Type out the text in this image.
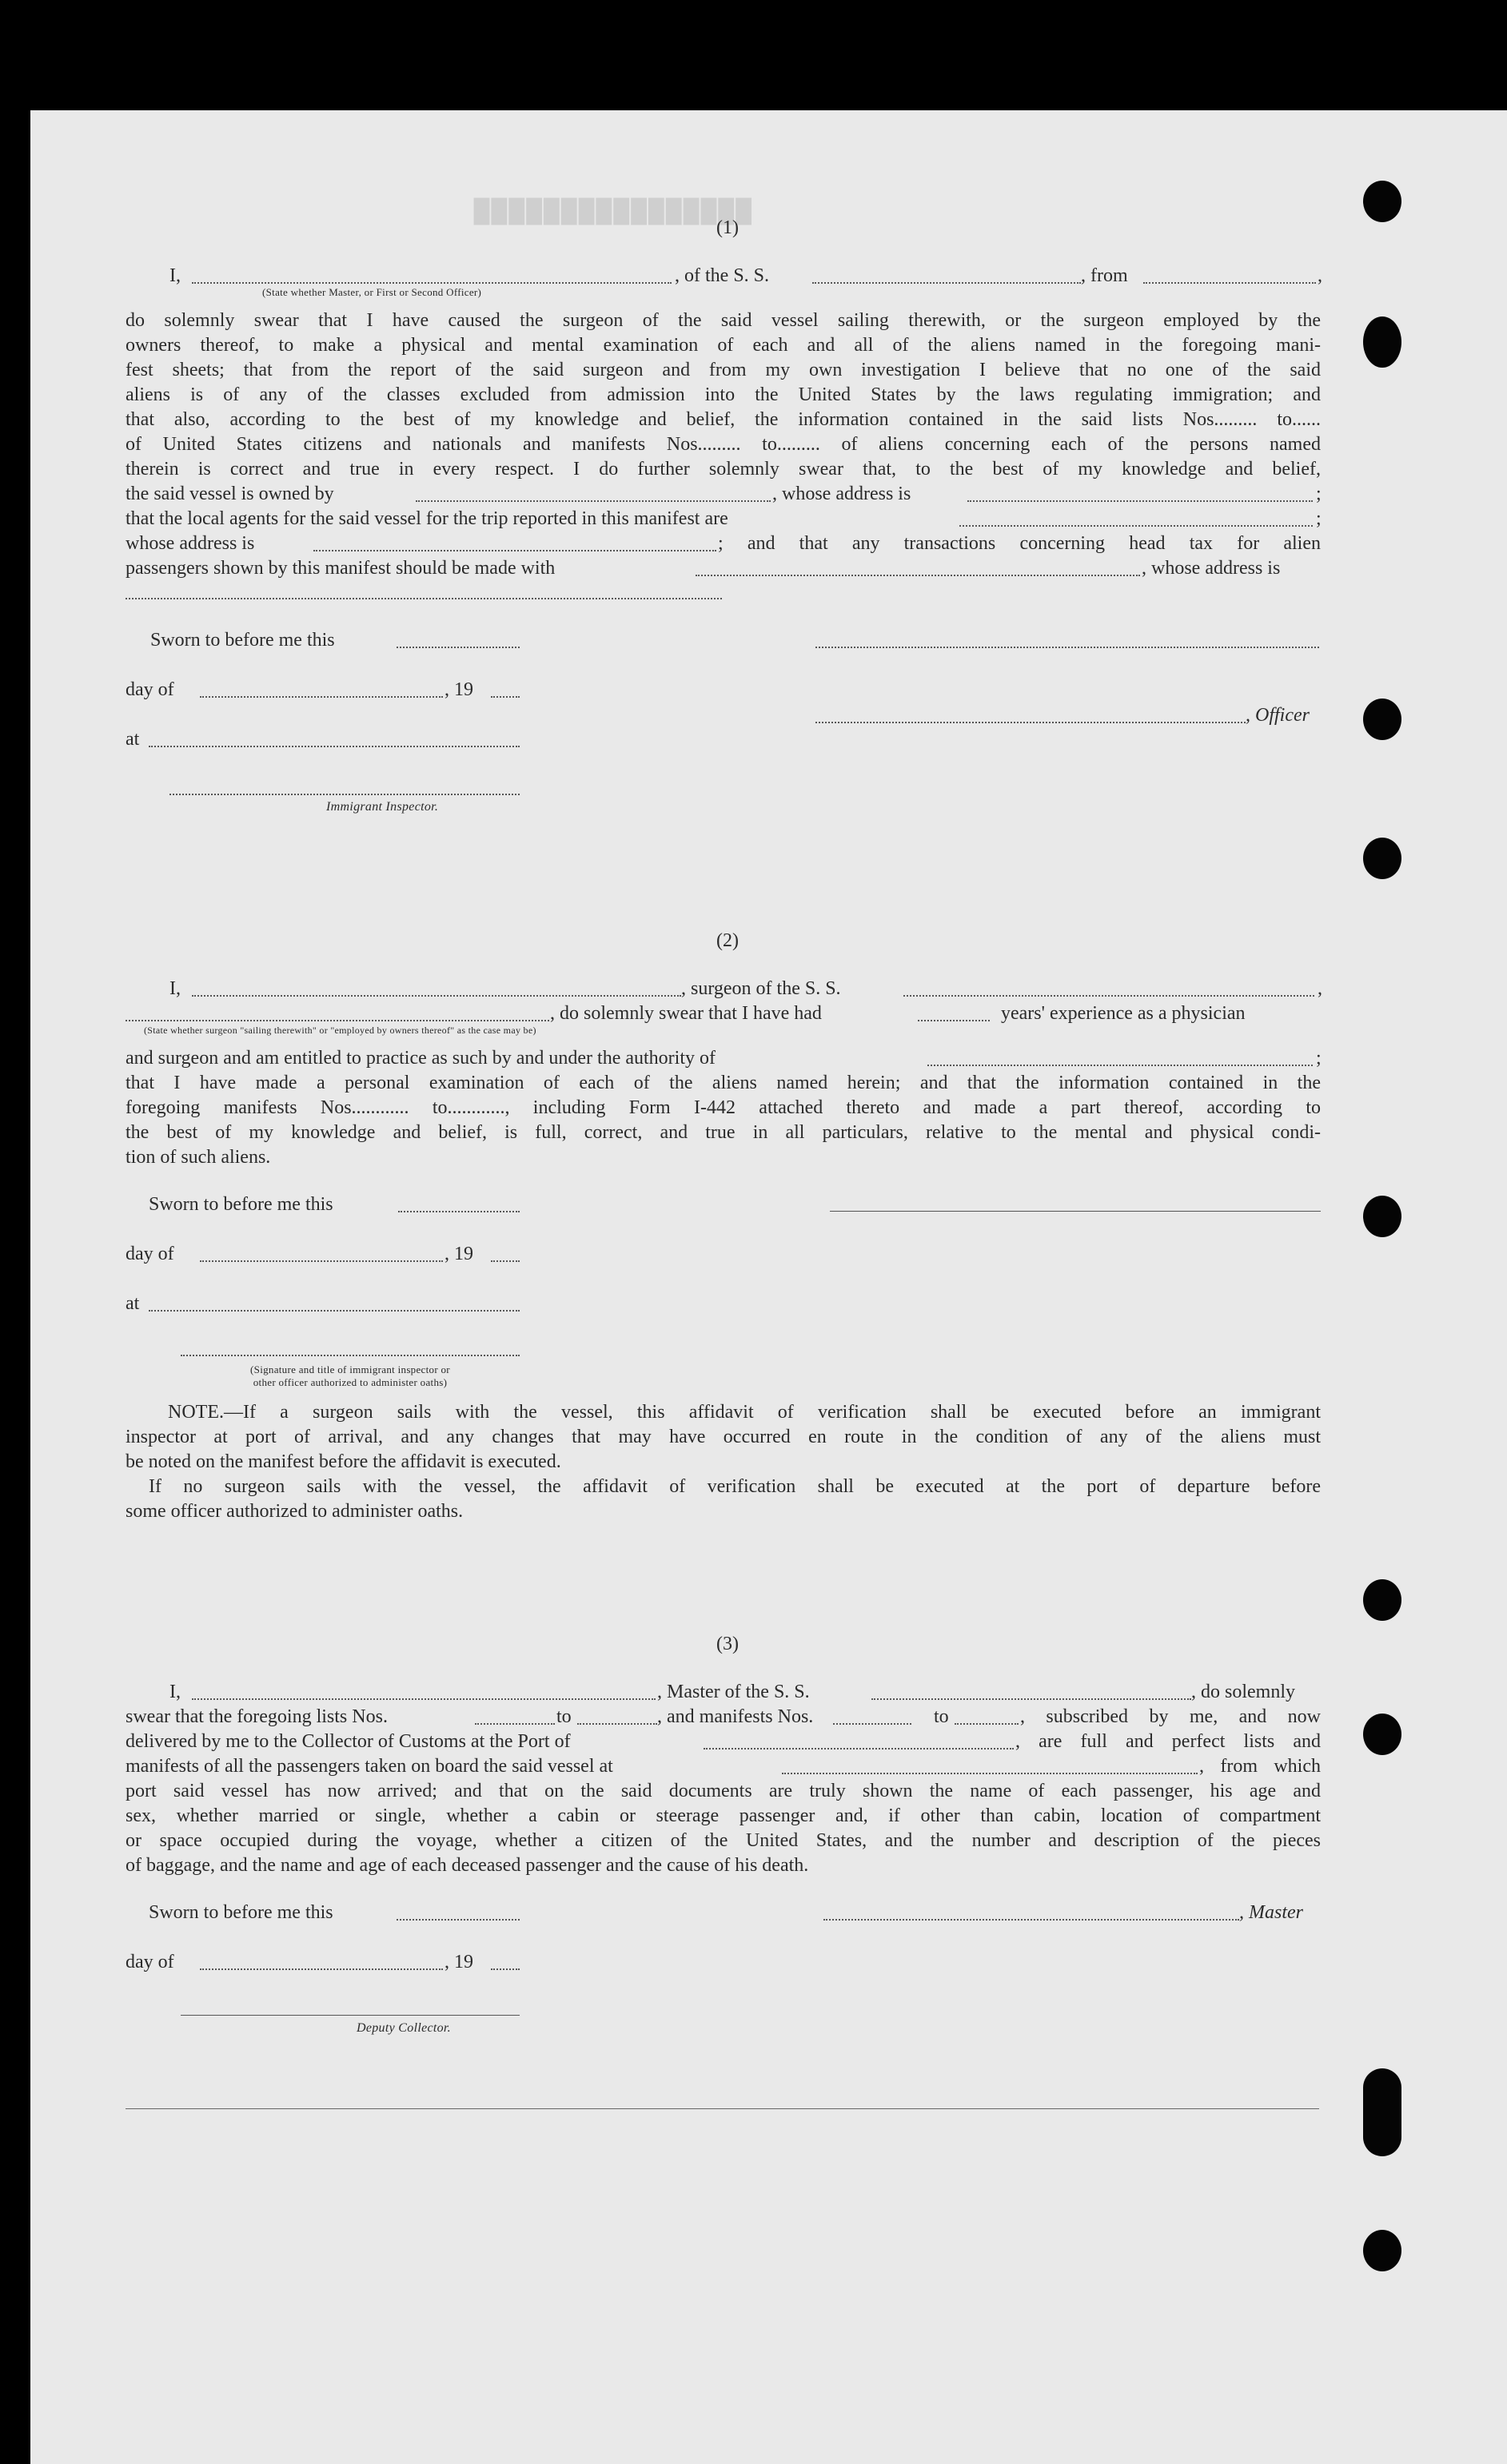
████████████████
(1)
I,	, of the S. S.	, from	,
(State whether Master, or First or Second Officer)
do solemnly swear that I have caused the surgeon of the said vessel sailing therewith, or the surgeon employed by the
owners thereof, to make a physical and mental examination of each and all of the aliens named in the foregoing mani-
fest sheets; that from the report of the said surgeon and from my own investigation I believe that no one of the said
aliens is of any of the classes excluded from admission into the United States by the laws regulating immigration; and
that also, according to the best of my knowledge and belief, the information contained in the said lists Nos......... to......
of United States citizens and nationals and manifests Nos......... to......... of aliens concerning each of the persons named
therein is correct and true in every respect. I do further solemnly swear that, to the best of my knowledge and belief,
the said vessel is owned by	, whose address is	;
that the local agents for the said vessel for the trip reported in this manifest are	;
whose address is	; and that any transactions concerning head tax for alien
passengers shown by this manifest should be made with	, whose address is
Sworn to before me this
day of	, 19
, Officer
at
Immigrant Inspector.
(2)
I,	, surgeon of the S. S.	,
, do solemnly swear that I have had	years' experience as a physician
(State whether surgeon "sailing therewith" or "employed by owners thereof" as the case may be)
and surgeon and am entitled to practice as such by and under the authority of	;
that I have made a personal examination of each of the aliens named herein; and that the information contained in the
foregoing manifests Nos............ to............, including Form I-442 attached thereto and made a part thereof, according to
the best of my knowledge and belief, is full, correct, and true in all particulars, relative to the mental and physical condi-
tion of such aliens.
Sworn to before me this
day of	, 19
at
(Signature and title of immigrant inspector or
other officer authorized to administer oaths)
NOTE.—If a surgeon sails with the vessel, this affidavit of verification shall be executed before an immigrant
inspector at port of arrival, and any changes that may have occurred en route in the condition of any of the aliens must
be noted on the manifest before the affidavit is executed.
If no surgeon sails with the vessel, the affidavit of verification shall be executed at the port of departure before
some officer authorized to administer oaths.
(3)
I,	, Master of the S. S.	, do solemnly
swear that the foregoing lists Nos.	to	, and manifests Nos.	to	, subscribed by me, and now
delivered by me to the Collector of Customs at the Port of	, are full and perfect lists and
manifests of all the passengers taken on board the said vessel at	, from which
port said vessel has now arrived; and that on the said documents are truly shown the name of each passenger, his age and
sex, whether married or single, whether a cabin or steerage passenger and, if other than cabin, location of compartment
or space occupied during the voyage, whether a citizen of the United States, and the number and description of the pieces
of baggage, and the name and age of each deceased passenger and the cause of his death.
Sworn to before me this	, Master
day of	, 19
Deputy Collector.
